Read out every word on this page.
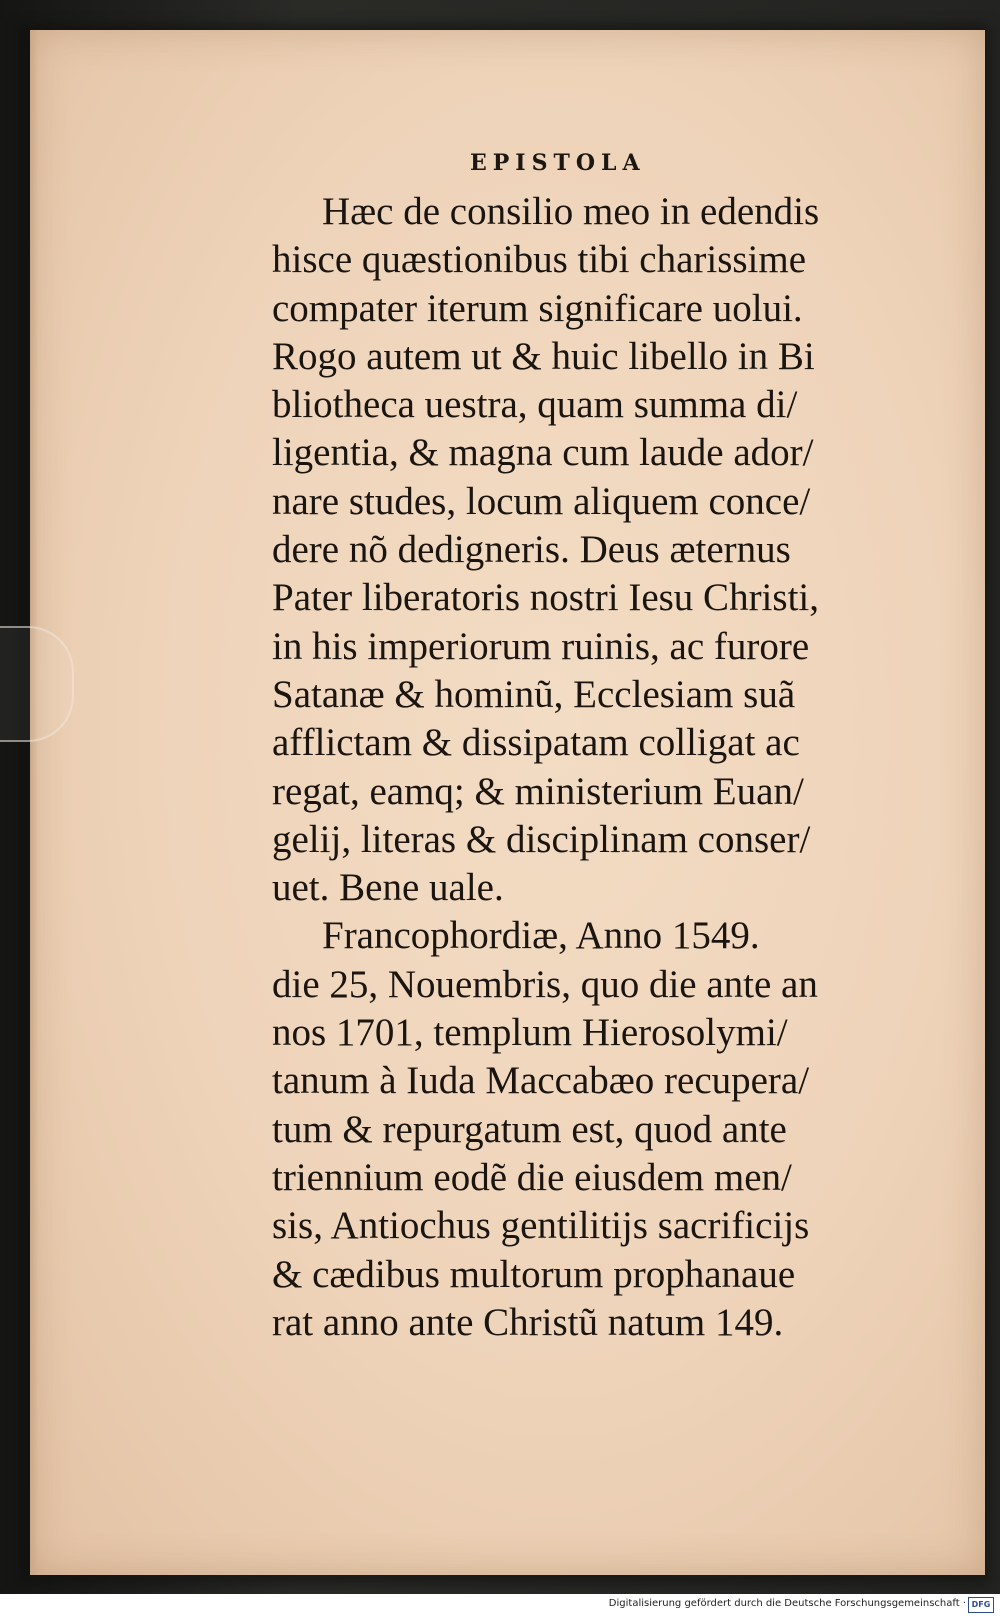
EPISTOLA
Hæc de consilio meo in edendis
hisce quæstionibus tibi charissime
compater iterum significare uolui.
Rogo autem ut & huic libello in Bi
bliotheca uestra, quam summa di/
ligentia, & magna cum laude ador/
nare studes, locum aliquem conce/
dere nõ dedigneris. Deus æternus
Pater liberatoris nostri Iesu Christi,
in his imperiorum ruinis, ac furore
Satanæ & hominũ, Ecclesiam suã
afflictam & dissipatam colligat ac
regat, eamq; & ministerium Euan/
gelij, literas & disciplinam conser/
uet. Bene uale.
Francophordiæ, Anno 1549.
die 25, Nouembris, quo die ante an
nos 1701, templum Hierosolymi/
tanum à Iuda Maccabæo recupera/
tum & repurgatum est, quod ante
triennium eodẽ die eiusdem men/
sis, Antiochus gentilitijs sacrificijs
& cædibus multorum prophanaue
rat anno ante Christũ natum 149.
Digitalisierung gefördert durch die Deutsche Forschungsgemeinschaft · DFG
